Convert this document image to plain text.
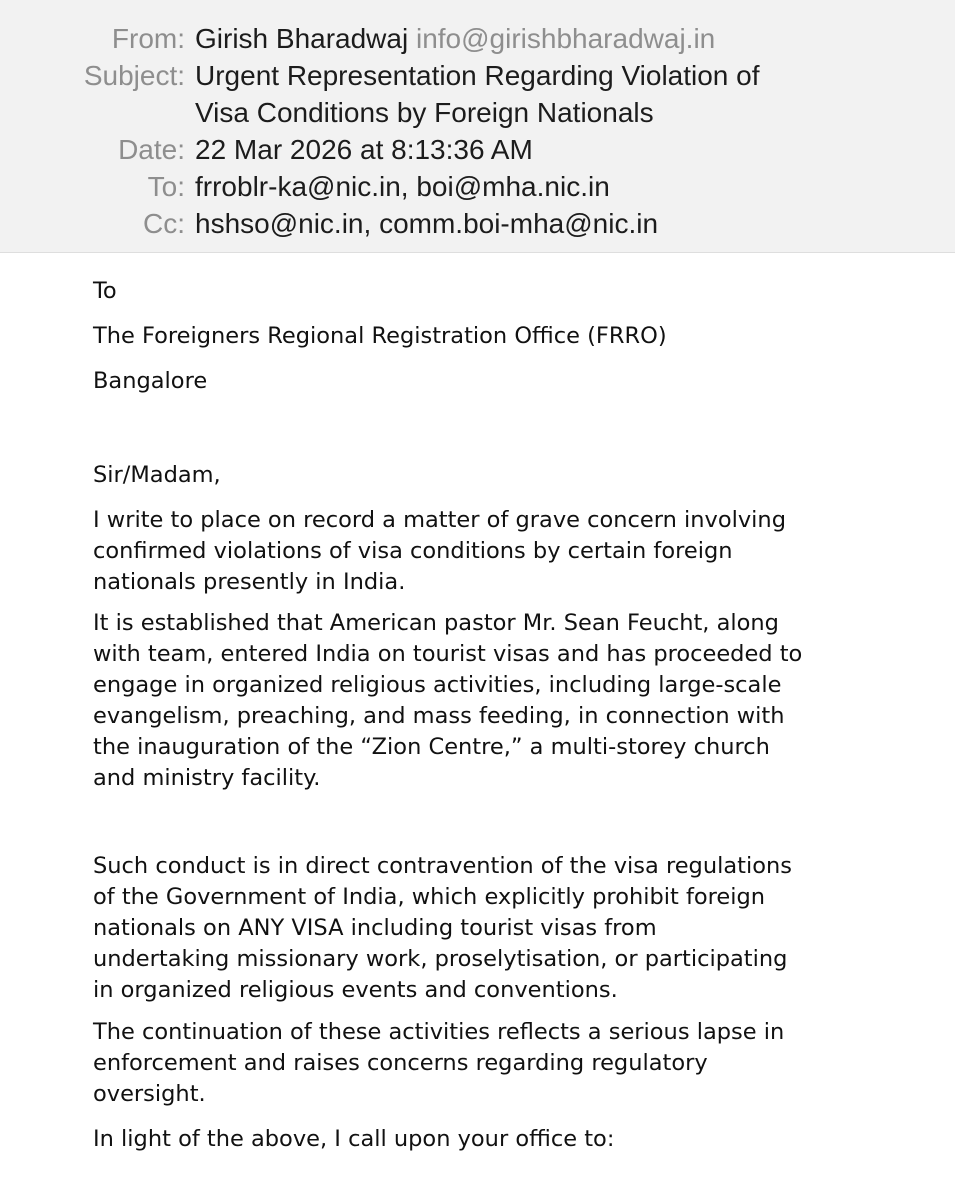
From: Girish Bharadwaj info@girishbharadwaj.in
Subject: Urgent Representation Regarding Violation of
Visa Conditions by Foreign Nationals
Date: 22 Mar 2026 at 8:13:36 AM
To: frroblr-ka@nic.in, boi@mha.nic.in
Cc: hshso@nic.in, comm.boi-mha@nic.in
To
The Foreigners Regional Registration Office (FRRO)
Bangalore
Sir/Madam,
I write to place on record a matter of grave concern involving
confirmed violations of visa conditions by certain foreign
nationals presently in India.
It is established that American pastor Mr. Sean Feucht, along
with team, entered India on tourist visas and has proceeded to
engage in organized religious activities, including large-scale
evangelism, preaching, and mass feeding, in connection with
the inauguration of the “Zion Centre,” a multi-storey church
and ministry facility.
Such conduct is in direct contravention of the visa regulations
of the Government of India, which explicitly prohibit foreign
nationals on ANY VISA including tourist visas from
undertaking missionary work, proselytisation, or participating
in organized religious events and conventions.
The continuation of these activities reflects a serious lapse in
enforcement and raises concerns regarding regulatory
oversight.
In light of the above, I call upon your office to:
